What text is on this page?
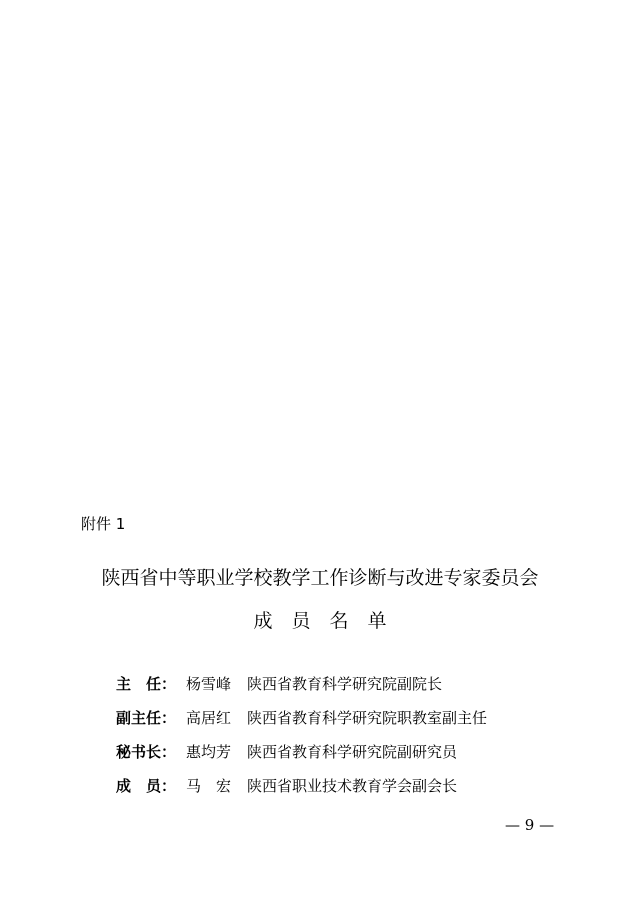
附件 1
陕西省中等职业学校教学工作诊断与改进专家委员会
成　员　名　单
主　任： 杨雪峰	陕西省教育科学研究院副院长
副主任： 高居红	陕西省教育科学研究院职教室副主任
秘书长： 惠均芳	陕西省教育科学研究院副研究员
成　员： 马　宏	陕西省职业技术教育学会副会长
— 9 —
